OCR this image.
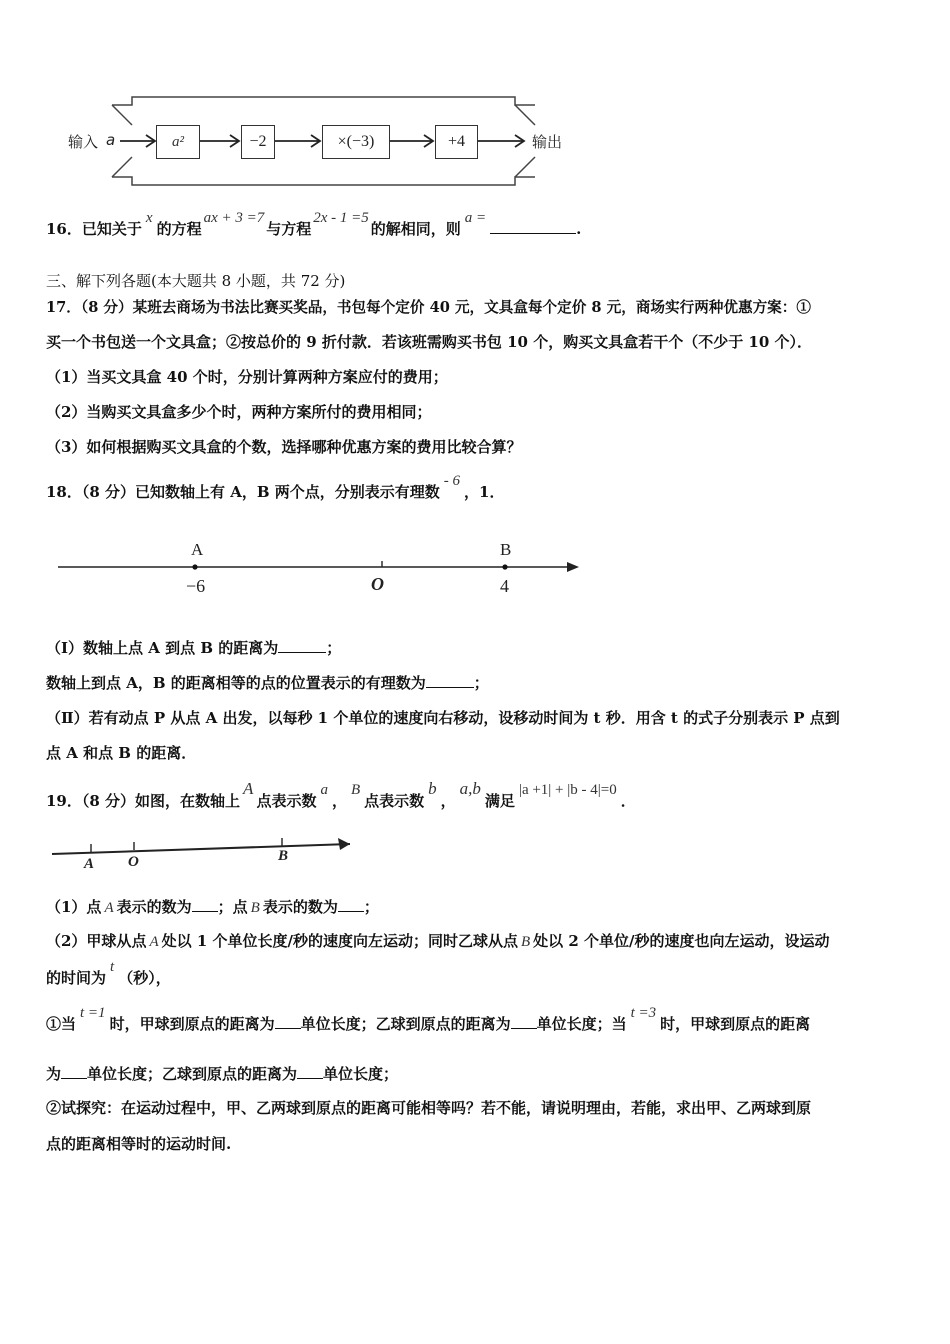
输入 a	a²	−2	×(−3)	+4	输出
16．已知关于x的方程ax + 3 =7与方程2x - 1 =5的解相同，则a =.
三、解下列各题(本大题共 8 小题，共 72 分)
17．（8 分）某班去商场为书法比赛买奖品，书包每个定价 40 元，文具盒每个定价 8 元，商场实行两种优惠方案：①
买一个书包送一个文具盒；②按总价的 9 折付款．若该班需购买书包 10 个，购买文具盒若干个（不少于 10 个）．
（1）当买文具盒 40 个时，分别计算两种方案应付的费用；
（2）当购买文具盒多少个时，两种方案所付的费用相同；
（3）如何根据购买文具盒的个数，选择哪种优惠方案的费用比较合算？
18．（8 分）已知数轴上有 A，B 两个点，分别表示有理数- 6，1．
A	B
−6	O	4
（Ⅰ）数轴上点 A 到点 B 的距离为	；
数轴上到点 A，B 的距离相等的点的位置表示的有理数为	；
（Ⅱ）若有动点 P 从点 A 出发，以每秒 1 个单位的速度向右移动，设移动时间为 t 秒．用含 t 的式子分别表示 P 点到
点 A 和点 B 的距离．
19．（8 分）如图，在数轴上A点表示数a，B点表示数b，a,b满足|a +1| + |b - 4|=0．
A O	B
（1）点 A 表示的数为 ；点 B 表示的数为 ；
（2）甲球从点 A 处以 1 个单位长度/秒的速度向左运动；同时乙球从点 B 处以 2 个单位/秒的速度也向左运动，设运动
的时间为t（秒），
①当t =1时，甲球到原点的距离为 单位长度；乙球到原点的距离为 单位长度；当t =3时，甲球到原点的距离
为 单位长度；乙球到原点的距离为 单位长度；
②试探究：在运动过程中，甲、乙两球到原点的距离可能相等吗？若不能，请说明理由，若能，求出甲、乙两球到原
点的距离相等时的运动时间.
